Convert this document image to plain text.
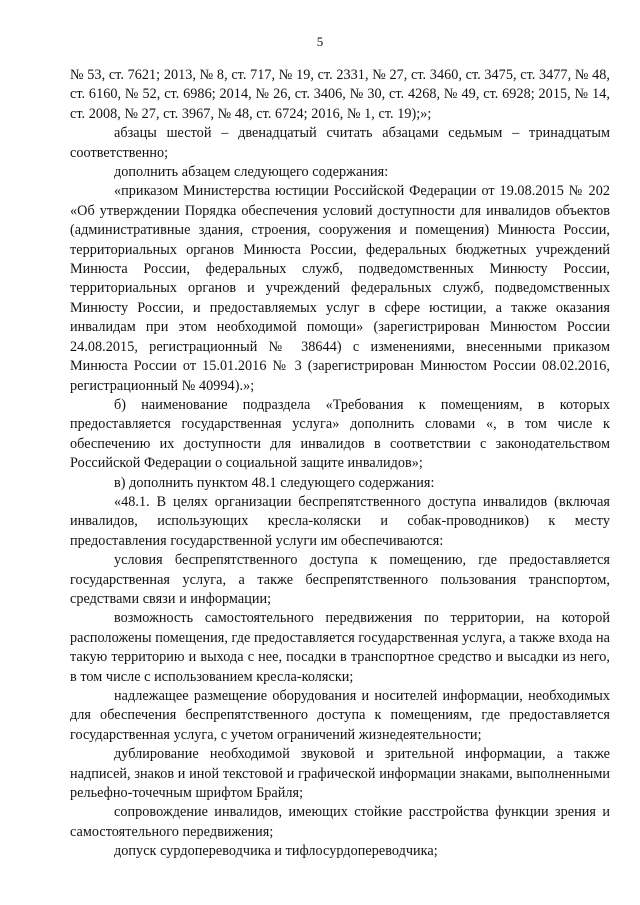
5

№ 53, ст. 7621; 2013, № 8, ст. 717, № 19, ст. 2331, № 27, ст. 3460, ст. 3475, ст. 3477, № 48, ст. 6160, № 52, ст. 6986; 2014, № 26, ст. 3406, № 30, ст. 4268, № 49, ст. 6928; 2015, № 14, ст. 2008, № 27, ст. 3967, № 48, ст. 6724; 2016, № 1, ст. 19);»;

абзацы шестой – двенадцатый считать абзацами седьмым – тринадцатым соответственно;

дополнить абзацем следующего содержания:

«приказом Министерства юстиции Российской Федерации от 19.08.2015 № 202 «Об утверждении Порядка обеспечения условий доступности для инвалидов объектов (административные здания, строения, сооружения и помещения) Минюста России, территориальных органов Минюста России, федеральных бюджетных учреждений Минюста России, федеральных служб, подведомственных Минюсту России, территориальных органов и учреждений федеральных служб, подведомственных Минюсту России, и предоставляемых услуг в сфере юстиции, а также оказания инвалидам при этом необходимой помощи» (зарегистрирован Минюстом России 24.08.2015, регистрационный № 38644) с изменениями, внесенными приказом Минюста России от 15.01.2016 № 3 (зарегистрирован Минюстом России 08.02.2016, регистрационный № 40994).»;

б) наименование подраздела «Требования к помещениям, в которых предоставляется государственная услуга» дополнить словами «, в том числе к обеспечению их доступности для инвалидов в соответствии с законодательством Российской Федерации о социальной защите инвалидов»;

в) дополнить пунктом 48.1 следующего содержания:

«48.1. В целях организации беспрепятственного доступа инвалидов (включая инвалидов, использующих кресла-коляски и собак-проводников) к месту предоставления государственной услуги им обеспечиваются:

условия беспрепятственного доступа к помещению, где предоставляется государственная услуга, а также беспрепятственного пользования транспортом, средствами связи и информации;

возможность самостоятельного передвижения по территории, на которой расположены помещения, где предоставляется государственная услуга, а также входа на такую территорию и выхода с нее, посадки в транспортное средство и высадки из него, в том числе с использованием кресла-коляски;

надлежащее размещение оборудования и носителей информации, необходимых для обеспечения беспрепятственного доступа к помещениям, где предоставляется государственная услуга, с учетом ограничений жизнедеятельности;

дублирование необходимой звуковой и зрительной информации, а также надписей, знаков и иной текстовой и графической информации знаками, выполненными рельефно-точечным шрифтом Брайля;

сопровождение инвалидов, имеющих стойкие расстройства функции зрения и самостоятельного передвижения;

допуск сурдопереводчика и тифлосурдопереводчика;
